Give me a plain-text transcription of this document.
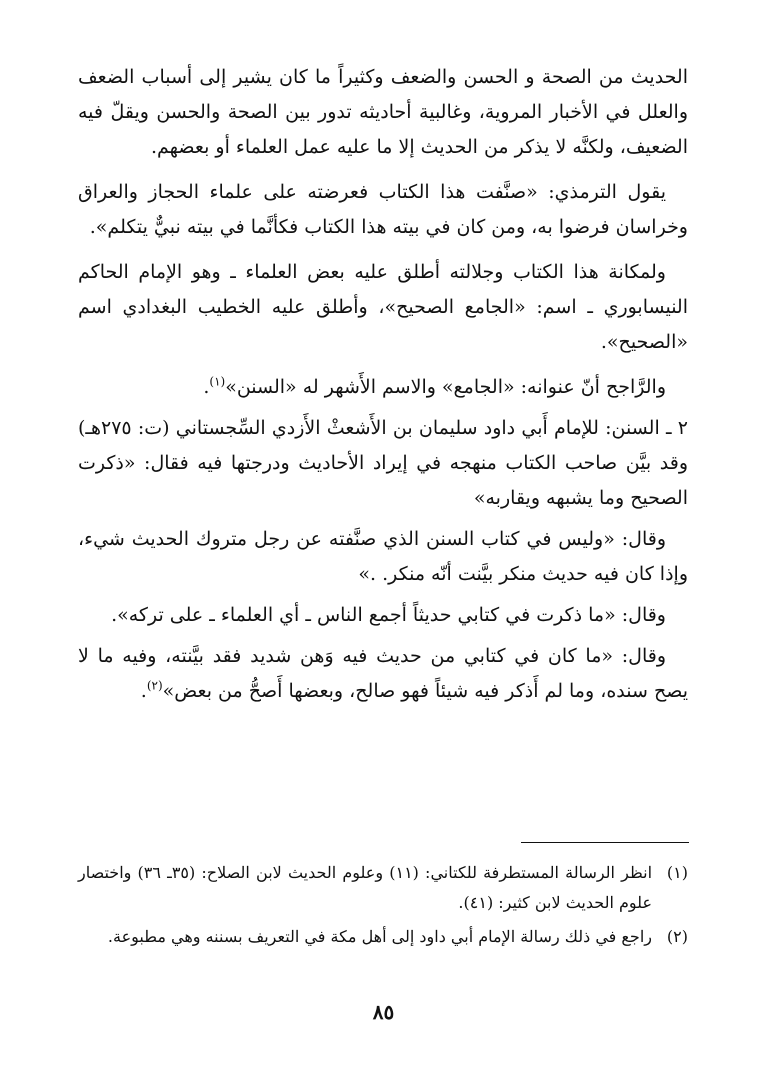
الحديث من الصحة و الحسن والضعف وكثيراً ما كان يشير إلى أسباب الضعف والعلل في الأخبار المروية، وغالبية أحاديثه تدور بين الصحة والحسن ويقلّ فيه الضعيف، ولكنَّه لا يذكر من الحديث إلا ما عليه عمل العلماء أو بعضهم.

يقول الترمذي: «صنَّفت هذا الكتاب فعرضته على علماء الحجاز والعراق وخراسان فرضوا به، ومن كان في بيته هذا الكتاب فكأنَّما في بيته نبيٌّ يتكلم».

ولمكانة هذا الكتاب وجلالته أطلق عليه بعض العلماء ـ وهو الإمام الحاكم النيسابوري ـ اسم: «الجامع الصحيح»، وأطلق عليه الخطيب البغدادي اسم «الصحيح».

والرَّاجح أنّ عنوانه: «الجامع» والاسم الأَشهر له «السنن»$^{(١)}$.

٢ ـ السنن: للإمام أَبي داود سليمان بن الأَشعثْ الأَزدي السِّجستاني (ت: ٢٧٥هـ) وقد بيَّن صاحب الكتاب منهجه في إيراد الأحاديث ودرجتها فيه فقال: «ذكرت الصحيح وما يشبهه ويقاربه»

وقال: «وليس في كتاب السنن الذي صنَّفته عن رجل متروك الحديث شيء، وإذا كان فيه حديث منكر بيَّنت أنّه منكر. .»

وقال: «ما ذكرت في كتابي حديثاً أجمع الناس ـ أي العلماء ـ على تركه».

وقال: «ما كان في كتابي من حديث فيه وَهن شديد فقد بيَّنته، وفيه ما لا يصح سنده، وما لم أَذكر فيه شيئاً فهو صالح، وبعضها أَصحُّ من بعض»$^{(٢)}$.

(١)
انظر الرسالة المستطرفة للكتاني: (١١) وعلوم الحديث لابن الصلاح: (٣٥ـ ٣٦) واختصار علوم الحديث لابن كثير: (٤١).
(٢)
راجع في ذلك رسالة الإمام أبي داود إلى أهل مكة في التعريف بسننه وهي مطبوعة.
٨٥
